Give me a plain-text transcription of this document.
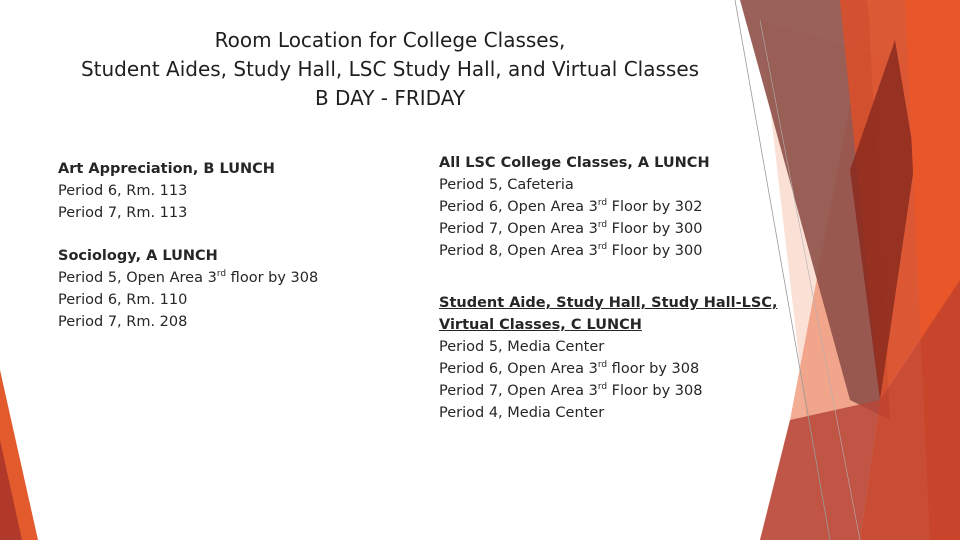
Room Location for College Classes,
Student Aides, Study Hall, LSC Study Hall, and Virtual Classes
B DAY - FRIDAY
Art Appreciation, B LUNCH
Period 6, Rm. 113
Period 7, Rm. 113
Sociology, A LUNCH
Period 5, Open Area 3rd floor by 308
Period 6, Rm. 110
Period 7, Rm. 208
All LSC College Classes, A LUNCH
Period 5, Cafeteria
Period 6, Open Area 3rd Floor by 302
Period 7, Open Area 3rd Floor by 300
Period 8, Open Area 3rd Floor by 300
Student Aide, Study Hall, Study Hall-LSC,
Virtual Classes, C LUNCH
Period 5, Media Center
Period 6, Open Area 3rd floor by 308
Period 7, Open Area 3rd Floor by 308
Period 4, Media Center
